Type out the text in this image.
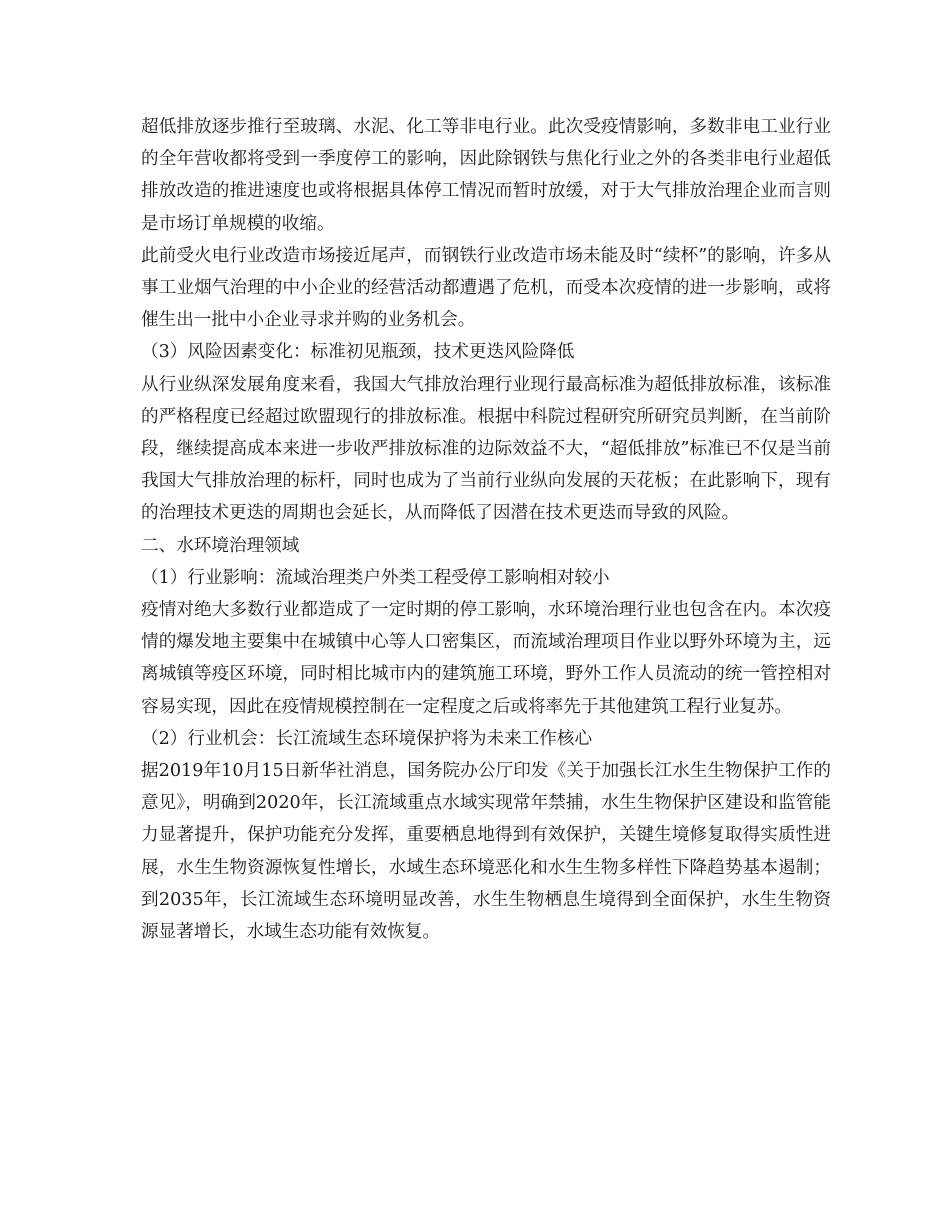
超低排放逐步推行至玻璃、水泥、化工等非电行业。此次受疫情影响，多数非电工业行业的全年营收都将受到一季度停工的影响，因此除钢铁与焦化行业之外的各类非电行业超低排放改造的推进速度也或将根据具体停工情况而暂时放缓，对于大气排放治理企业而言则是市场订单规模的收缩。

此前受火电行业改造市场接近尾声，而钢铁行业改造市场未能及时“续杯”的影响，许多从事工业烟气治理的中小企业的经营活动都遭遇了危机，而受本次疫情的进一步影响，或将催生出一批中小企业寻求并购的业务机会。

（3）风险因素变化：标准初见瓶颈，技术更迭风险降低

从行业纵深发展角度来看，我国大气排放治理行业现行最高标准为超低排放标准，该标准的严格程度已经超过欧盟现行的排放标准。根据中科院过程研究所研究员判断，在当前阶段，继续提高成本来进一步收严排放标准的边际效益不大，“超低排放”标准已不仅是当前我国大气排放治理的标杆，同时也成为了当前行业纵向发展的天花板；在此影响下，现有的治理技术更迭的周期也会延长，从而降低了因潜在技术更迭而导致的风险。

二、水环境治理领域

（1）行业影响：流域治理类户外类工程受停工影响相对较小

疫情对绝大多数行业都造成了一定时期的停工影响，水环境治理行业也包含在内。本次疫情的爆发地主要集中在城镇中心等人口密集区，而流域治理项目作业以野外环境为主，远离城镇等疫区环境，同时相比城市内的建筑施工环境，野外工作人员流动的统一管控相对容易实现，因此在疫情规模控制在一定程度之后或将率先于其他建筑工程行业复苏。

（2）行业机会：长江流域生态环境保护将为未来工作核心

据2019年10月15日新华社消息，国务院办公厅印发《关于加强长江水生生物保护工作的意见》，明确到2020年，长江流域重点水域实现常年禁捕，水生生物保护区建设和监管能力显著提升，保护功能充分发挥，重要栖息地得到有效保护，关键生境修复取得实质性进展，水生生物资源恢复性增长，水域生态环境恶化和水生生物多样性下降趋势基本遏制；到2035年，长江流域生态环境明显改善，水生生物栖息生境得到全面保护，水生生物资源显著增长，水域生态功能有效恢复。
